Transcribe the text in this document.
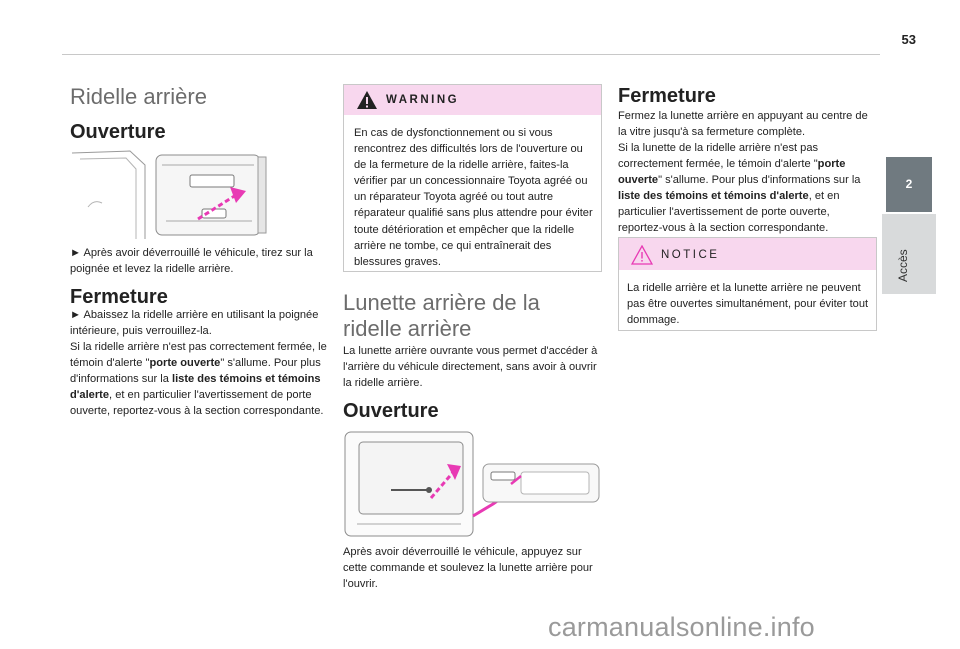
53
2
Accès
Ridelle arrière
Ouverture
► Après avoir déverrouillé le véhicule, tirez sur la poignée et levez la ridelle arrière.
Fermeture
► Abaissez la ridelle arrière en utilisant la poignée intérieure, puis verrouillez-la.
Si la ridelle arrière n'est pas correctement fermée, le témoin d'alerte "porte ouverte" s'allume. Pour plus d'informations sur la liste des témoins et témoins d'alerte, et en particulier l'avertissement de porte ouverte, reportez-vous à la section correspondante.
WARNING
En cas de dysfonctionnement ou si vous rencontrez des difficultés lors de l'ouverture ou de la fermeture de la ridelle arrière, faites-la vérifier par un concessionnaire Toyota agréé ou un réparateur Toyota agréé ou tout autre réparateur qualifié sans plus attendre pour éviter toute détérioration et empêcher que la ridelle arrière ne tombe, ce qui entraînerait des blessures graves.
Lunette arrière de la ridelle arrière
La lunette arrière ouvrante vous permet d'accéder à l'arrière du véhicule directement, sans avoir à ouvrir la ridelle arrière.
Ouverture
Après avoir déverrouillé le véhicule, appuyez sur cette commande et soulevez la lunette arrière pour l'ouvrir.
Fermeture
Fermez la lunette arrière en appuyant au centre de la vitre jusqu'à sa fermeture complète.
Si la lunette de la ridelle arrière n'est pas correctement fermée, le témoin d'alerte "porte ouverte" s'allume. Pour plus d'informations sur la liste des témoins et témoins d'alerte, et en particulier l'avertissement de porte ouverte, reportez-vous à la section correspondante.
NOTICE
La ridelle arrière et la lunette arrière ne peuvent pas être ouvertes simultanément, pour éviter tout dommage.
carmanualsonline.info
